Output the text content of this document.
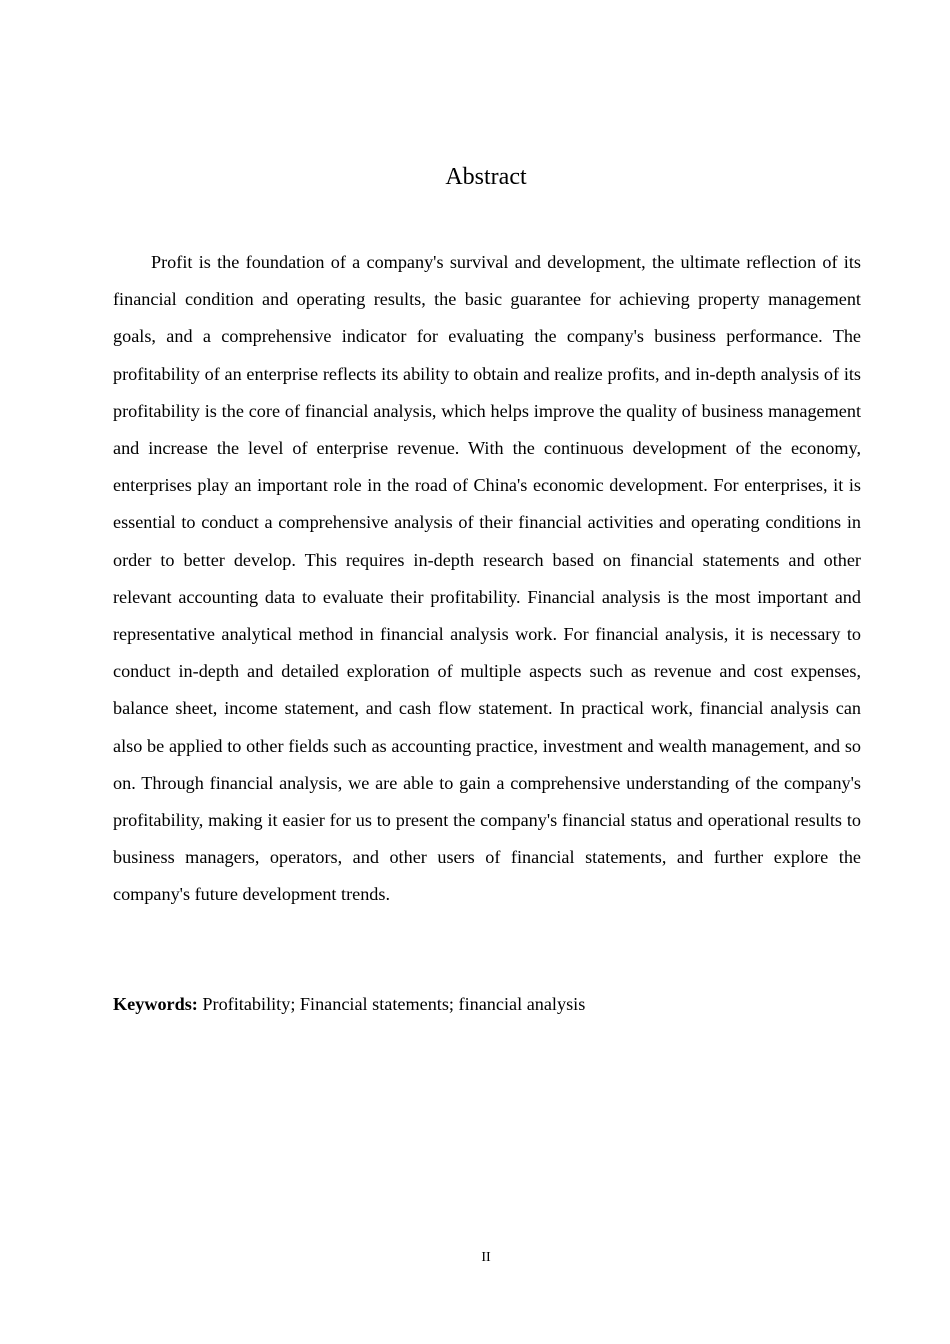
Abstract

Profit is the foundation of a company's survival and development, the ultimate reflection of its financial condition and operating results, the basic guarantee for achieving property management goals, and a comprehensive indicator for evaluating the company's business performance. The profitability of an enterprise reflects its ability to obtain and realize profits, and in-depth analysis of its profitability is the core of financial analysis, which helps improve the quality of business management and increase the level of enterprise revenue. With the continuous development of the economy, enterprises play an important role in the road of China's economic development. For enterprises, it is essential to conduct a comprehensive analysis of their financial activities and operating conditions in order to better develop. This requires in-depth research based on financial statements and other relevant accounting data to evaluate their profitability. Financial analysis is the most important and representative analytical method in financial analysis work. For financial analysis, it is necessary to conduct in-depth and detailed exploration of multiple aspects such as revenue and cost expenses, balance sheet, income statement, and cash flow statement. In practical work, financial analysis can also be applied to other fields such as accounting practice, investment and wealth management, and so on. Through financial analysis, we are able to gain a comprehensive understanding of the company's profitability, making it easier for us to present the company's financial status and operational results to business managers, operators, and other users of financial statements, and further explore the company's future development trends.

Keywords: Profitability; Financial statements; financial analysis

II
